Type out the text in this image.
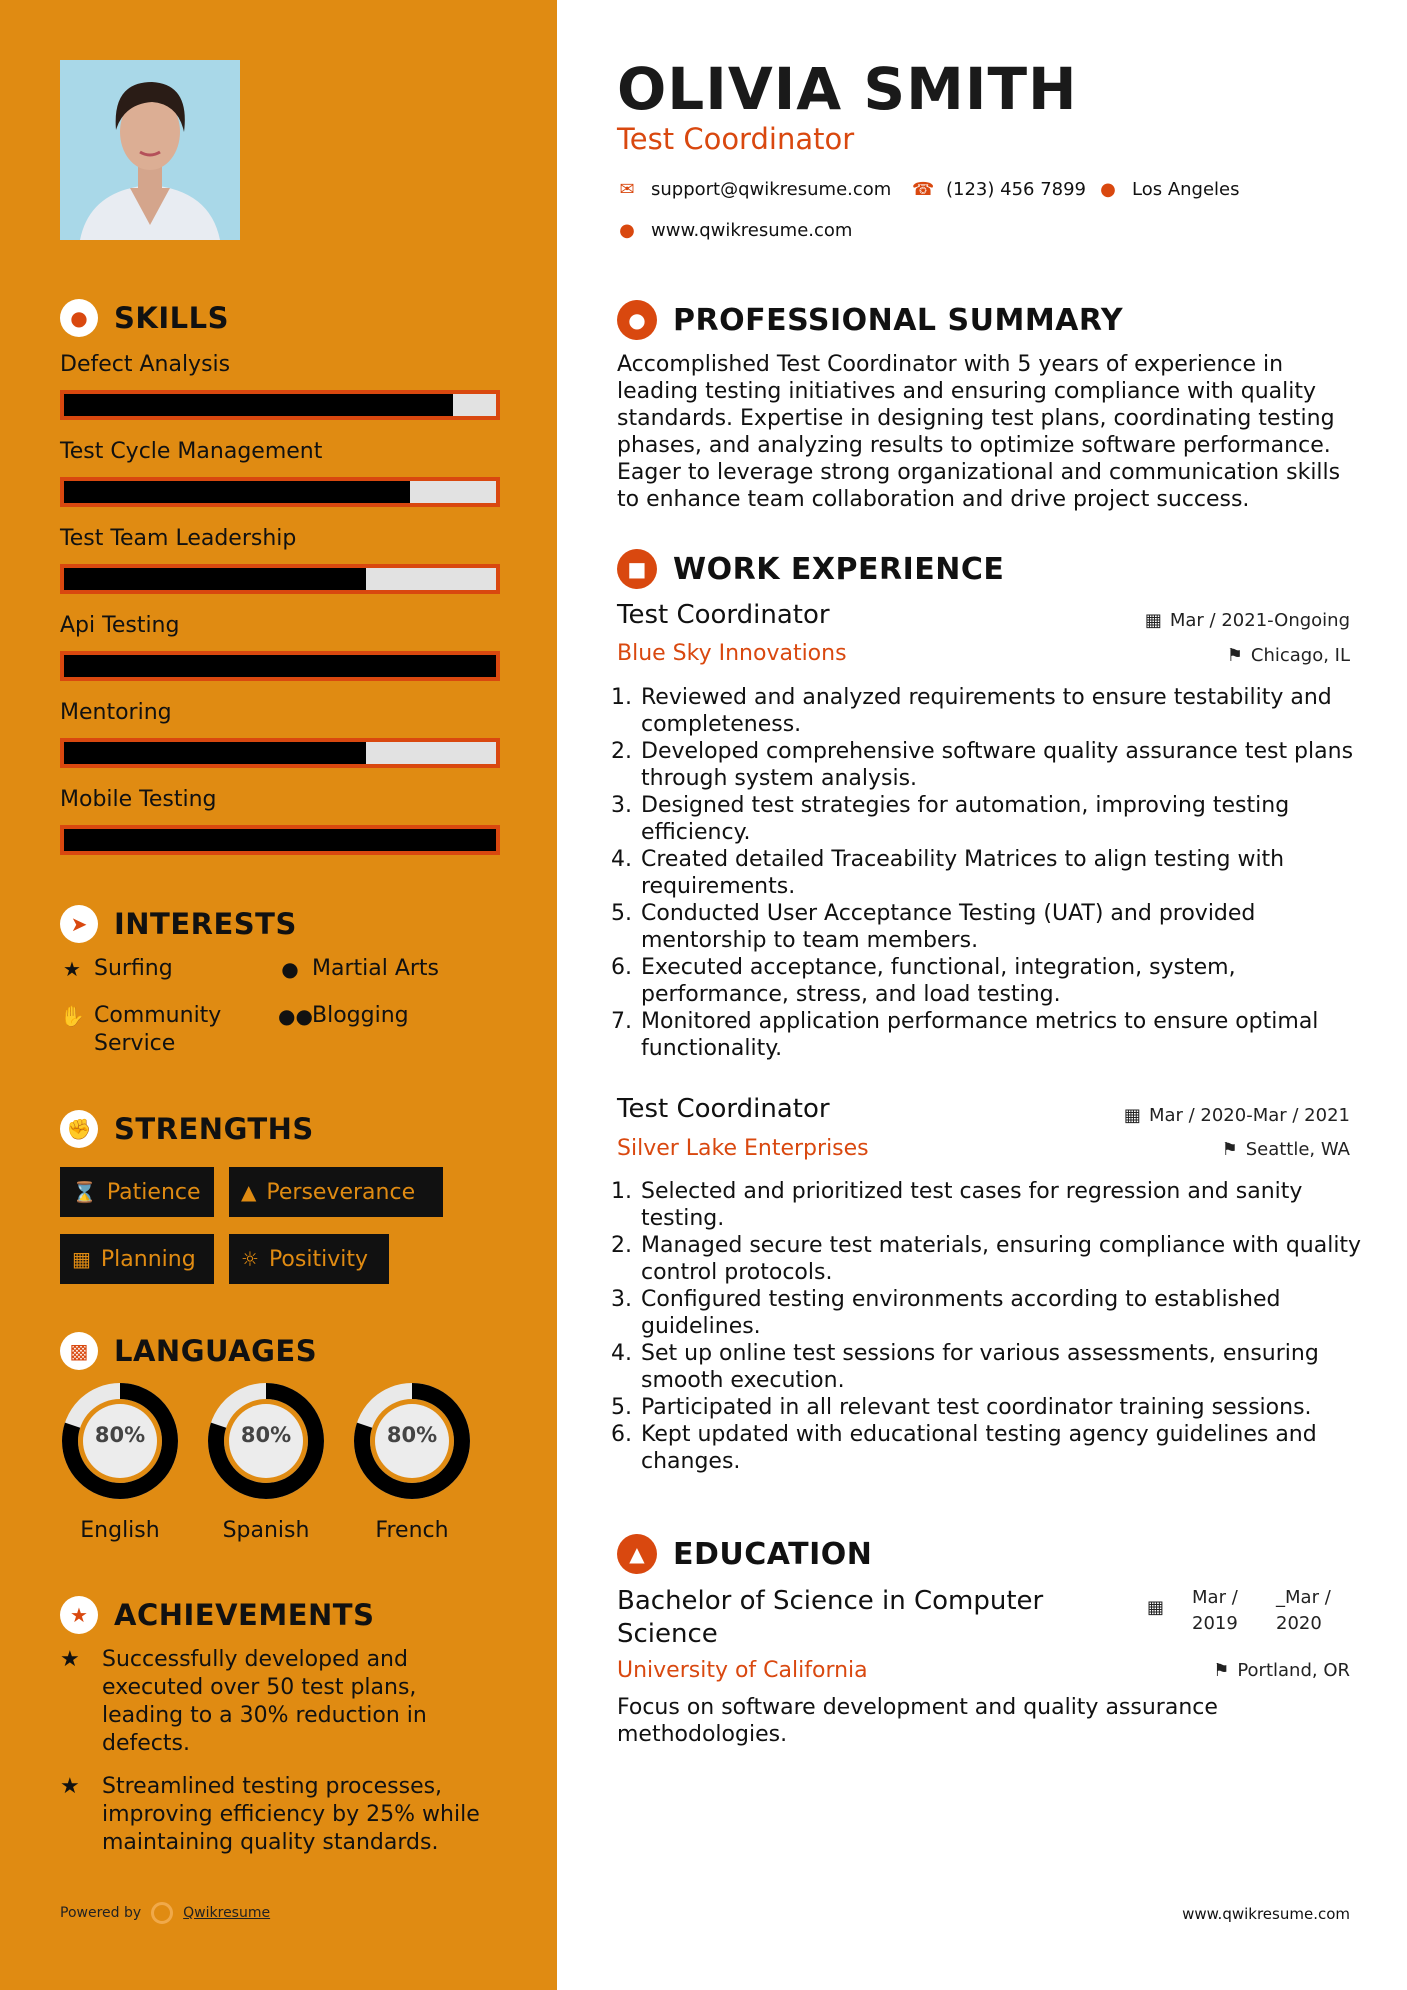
● SKILLS
Defect Analysis
Test Cycle Management
Test Team Leadership
Api Testing
Mentoring
Mobile Testing
➤ INTERESTS
★ Surfing	● Martial Arts
✋ Community Service
●● Blogging
✊ STRENGTHS
⌛ Patience ▲ Perseverance
▦ Planning ☼ Positivity
▩ LANGUAGES
80%
English
80%
Spanish
80%
French
★ ACHIEVEMENTS
★	Successfully developed and executed over 50 test plans, leading to a 30% reduction in defects.
★	Streamlined testing processes, improving efficiency by 25% while maintaining quality standards.
Powered by	Qwikresume
OLIVIA SMITH
Test Coordinator
✉ support@qwikresume.com ☎ (123) 456 7899 ● Los Angeles
● www.qwikresume.com
● PROFESSIONAL SUMMARY
Accomplished Test Coordinator with 5 years of experience in leading testing initiatives and ensuring compliance with quality standards. Expertise in designing test plans, coordinating testing phases, and analyzing results to optimize software performance. Eager to leverage strong organizational and communication skills to enhance team collaboration and drive project success.
■ WORK EXPERIENCE
Test Coordinator	▦ Mar / 2021-Ongoing
Blue Sky Innovations	⚑ Chicago, IL
1. Reviewed and analyzed requirements to ensure testability and completeness.
2. Developed comprehensive software quality assurance test plans through system analysis.
3. Designed test strategies for automation, improving testing efficiency.
4. Created detailed Traceability Matrices to align testing with requirements.
5. Conducted User Acceptance Testing (UAT) and provided mentorship to team members.
6. Executed acceptance, functional, integration, system, performance, stress, and load testing.
7. Monitored application performance metrics to ensure optimal functionality.
Test Coordinator	▦ Mar / 2020-Mar / 2021
Silver Lake Enterprises	⚑ Seattle, WA
1. Selected and prioritized test cases for regression and sanity testing.
2. Managed secure test materials, ensuring compliance with quality control protocols.
3. Configured testing environments according to established guidelines.
4. Set up online test sessions for various assessments, ensuring smooth execution.
5. Participated in all relevant test coordinator training sessions.
6. Kept updated with educational testing agency guidelines and changes.
▲ EDUCATION
Bachelor of Science in Computer Science
▦ Mar / 2019
_Mar / 2020
University of California	⚑ Portland, OR
Focus on software development and quality assurance methodologies.
www.qwikresume.com
